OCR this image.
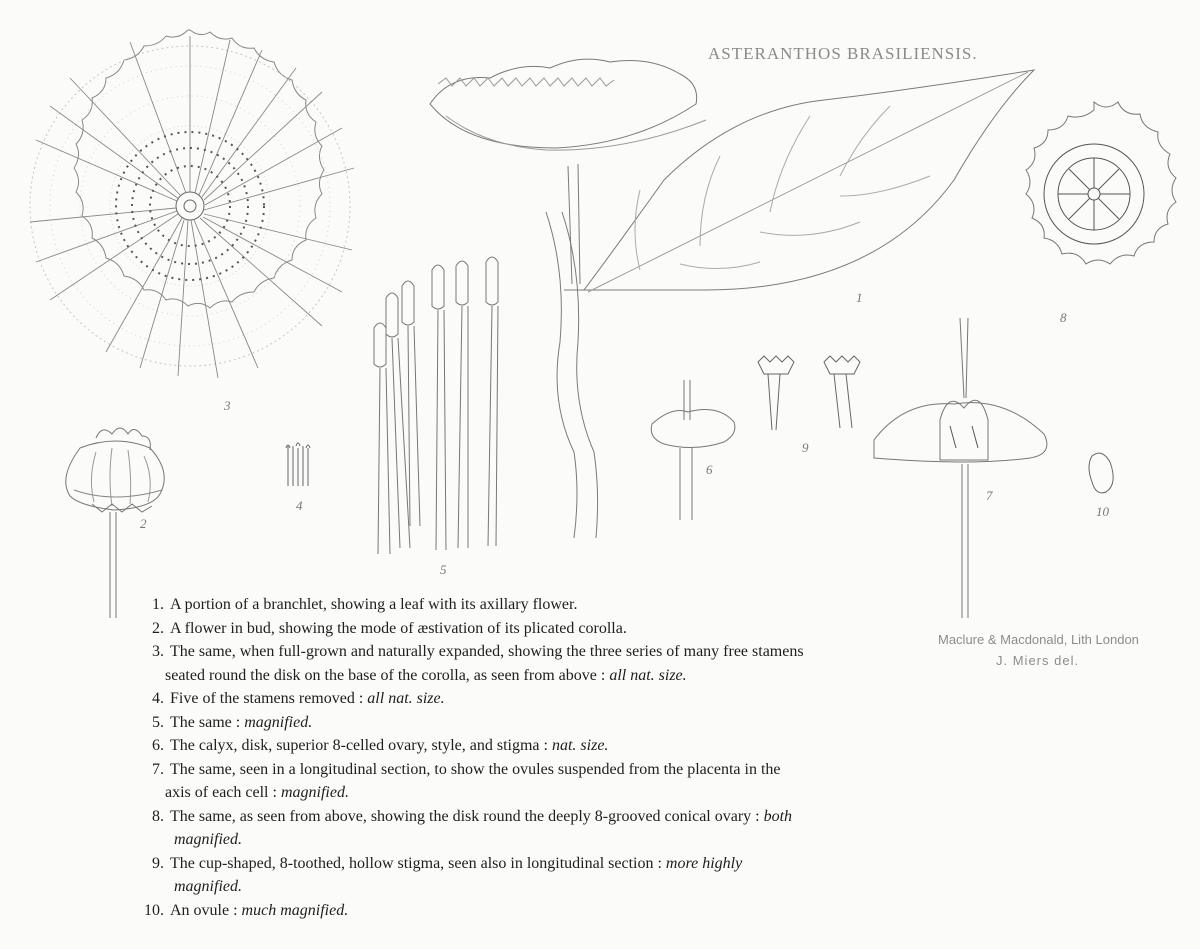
1
2
3
4
5
6
7
8
9
10
ASTERANTHOS BRASILIENSIS.
Maclure & Macdonald, Lith London
J. Miers del.
1. A portion of a branchlet, showing a leaf with its axillary flower.
2. A flower in bud, showing the mode of æstivation of its plicated corolla.
3. The same, when full-grown and naturally expanded, showing the three series of many free stamens
seated round the disk on the base of the corolla, as seen from above : all nat. size.
4. Five of the stamens removed : all nat. size.
5. The same : magnified.
6. The calyx, disk, superior 8-celled ovary, style, and stigma : nat. size.
7. The same, seen in a longitudinal section, to show the ovules suspended from the placenta in the
axis of each cell : magnified.
8. The same, as seen from above, showing the disk round the deeply 8-grooved conical ovary : both
magnified.
9. The cup-shaped, 8-toothed, hollow stigma, seen also in longitudinal section : more highly
magnified.
10. An ovule : much magnified.
